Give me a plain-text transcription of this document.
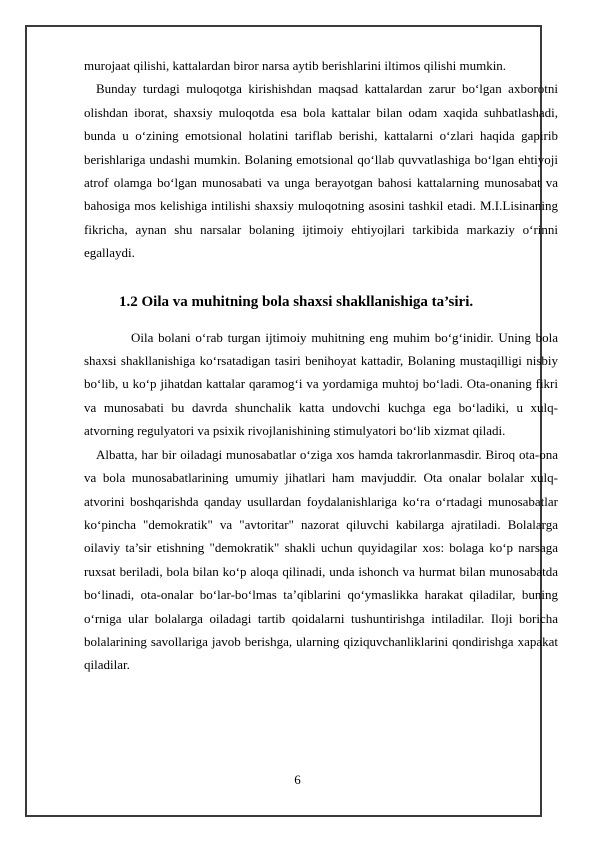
murojaat qilishi, kattalardan biror narsa aytib berishlarini iltimos qilishi mumkin.

Bunday turdagi muloqotga kirishishdan maqsad kattalardan zarur bo‘lgan axborotni olishdan iborat, shaxsiy muloqotda esa bola kattalar bilan odam xaqida suhbatlashadi, bunda u o‘zining emotsional holatini tariflab berishi, kattalarni o‘zlari haqida gapirib berishlariga undashi mumkin. Bolaning emotsional qo‘llab quvvatlashiga bo‘lgan ehtiyoji atrof olamga bo‘lgan munosabati va unga berayotgan bahosi kattalarning munosabat va bahosiga mos kelishiga intilishi shaxsiy muloqotning asosini tashkil etadi. M.I.Lisinaning fikricha, aynan shu narsalar bolaning ijtimoiy ehtiyojlari tarkibida markaziy o‘rinni egallaydi.

1.2 Oila va muhitning bola shaxsi shakllanishiga ta’siri.

Oila bolani o‘rab turgan ijtimoiy muhitning eng muhim bo‘g‘inidir. Uning bola shaxsi shakllanishiga ko‘rsatadigan tasiri benihoyat kattadir, Bolaning mustaqilligi nisbiy bo‘lib, u ko‘p jihatdan kattalar qaramog‘i va yordamiga muhtoj bo‘ladi. Ota-onaning fikri va munosabati bu davrda shunchalik katta undovchi kuchga ega bo‘ladiki, u xulq-atvorning regulyatori va psixik rivojlanishining stimulyatori bo‘lib xizmat qiladi.

Albatta, har bir oiladagi munosabatlar o‘ziga xos hamda takrorlanmasdir. Biroq ota-ona va bola munosabatlarining umumiy jihatlari ham mavjuddir. Ota onalar bolalar xulq- atvorini boshqarishda qanday usullardan foydalanishlariga ko‘ra o‘rtadagi munosabatlar ko‘pincha "demokratik" va "avtoritar" nazorat qiluvchi kabilarga ajratiladi. Bolalarga oilaviy ta’sir etishning "demokratik" shakli uchun quyidagilar xos: bolaga ko‘p narsaga ruxsat beriladi, bola bilan ko‘p aloqa qilinadi, unda ishonch va hurmat bilan munosabatda bo‘linadi, ota-onalar bo‘lar-bo‘lmas ta’qiblarini qo‘ymaslikka harakat qiladilar, buning o‘rniga ular bolalarga oiladagi tartib qoidalarni tushuntirishga intiladilar. Iloji boricha bolalarining savollariga javob berishga, ularning qiziquvchanliklarini qondirishga xapakat qiladilar.

6
